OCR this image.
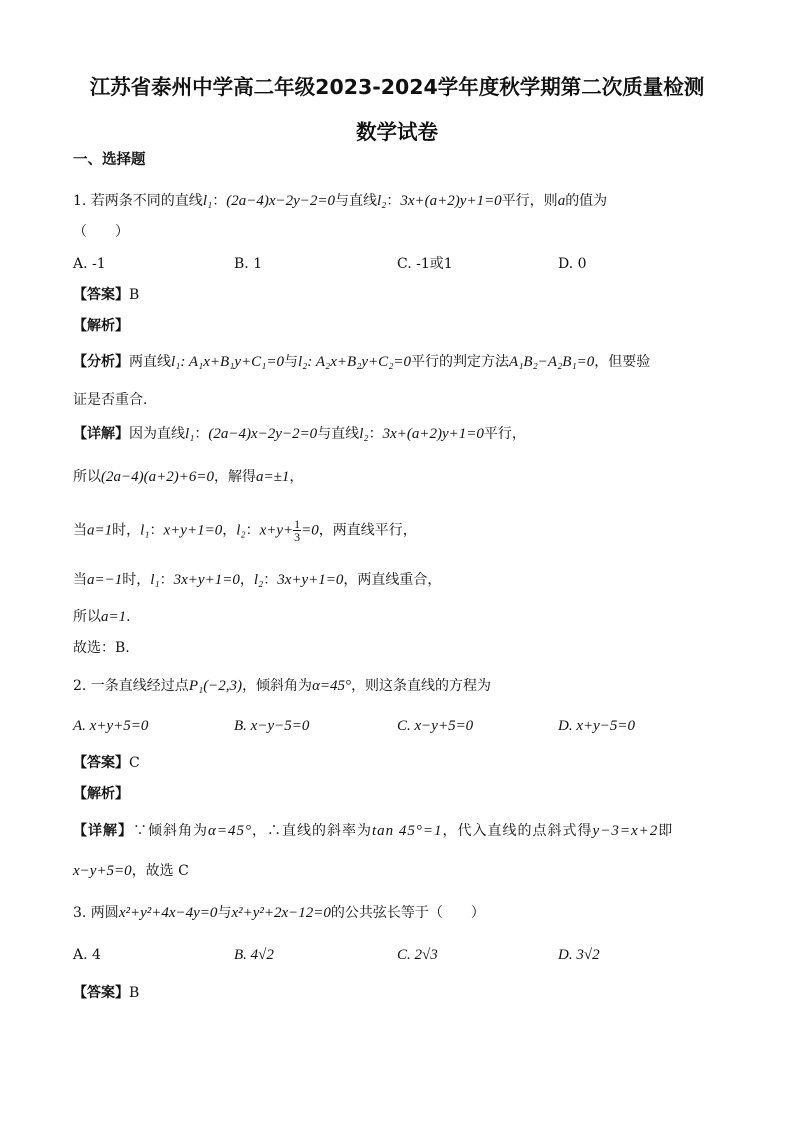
江苏省泰州中学高二年级2023-2024学年度秋学期第二次质量检测
数学试卷
一、选择题
1. 若两条不同的直线l₁：(2a−4)x−2y−2=0与直线l₂：3x+(a+2)y+1=0平行，则a的值为
（　　）
A. -1	B. 1	C. -1或1	D. 0
【答案】B
【解析】
【分析】两直线l₁: A₁x+B₁y+C₁=0与l₂: A₂x+B₂y+C₂=0平行的判定方法A₁B₂−A₂B₁=0，但要验
证是否重合.
【详解】因为直线l₁：(2a−4)x−2y−2=0与直线l₂：3x+(a+2)y+1=0平行，
所以(2a−4)(a+2)+6=0，解得a=±1，
当a=1时，l₁：x+y+1=0，l₂：$x+y+ \frac{1}{3} =0$，两直线平行，
当a=−1时，l₁：3x+y+1=0，l₂：3x+y+1=0，两直线重合，
所以a=1.
故选：B.
2. 一条直线经过点P₁(−2,3)，倾斜角为α=45°，则这条直线的方程为
A. x+y+5=0	B. x−y−5=0	C. x−y+5=0	D. x+y−5=0
【答案】C
【解析】
【详解】∵倾斜角为α=45°，∴直线的斜率为tan 45°=1，代入直线的点斜式得y−3=x+2即
x−y+5=0，故选 C
3. 两圆x²+y²+4x−4y=0与x²+y²+2x−12=0的公共弦长等于（　　）
A. 4	B. 4√2	C. 2√3	D. 3√2
【答案】B
